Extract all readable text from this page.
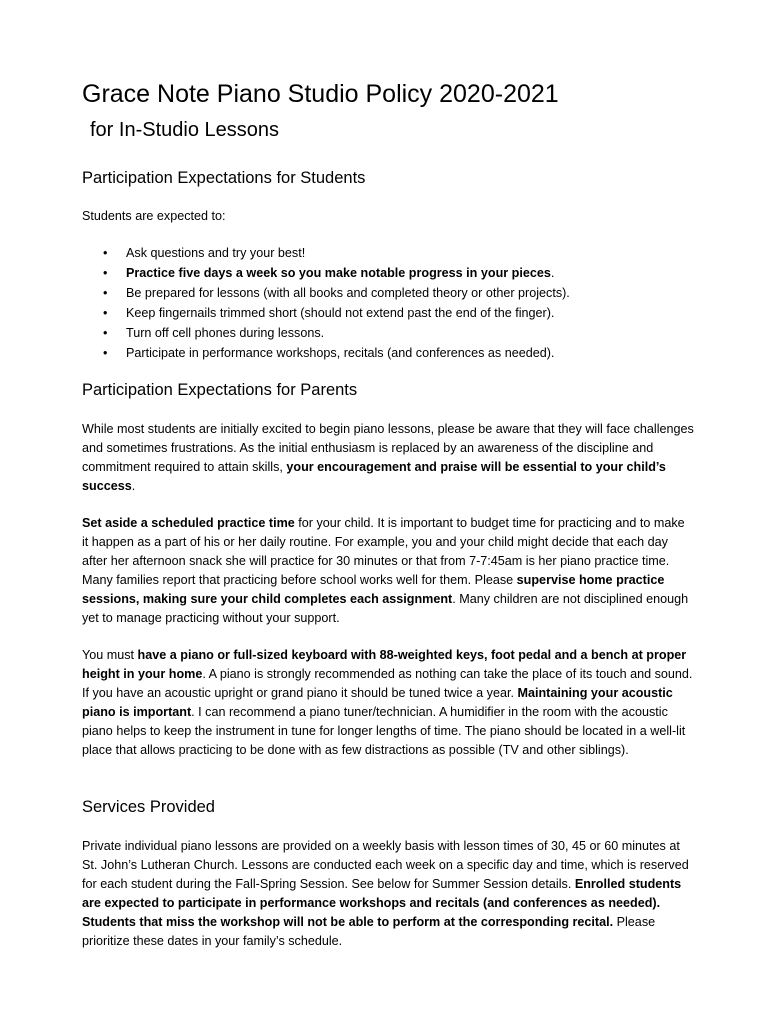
Grace Note Piano Studio Policy 2020-2021
for In-Studio Lessons
Participation Expectations for Students

Students are expected to:

• Ask questions and try your best!
• Practice five days a week so you make notable progress in your pieces.
• Be prepared for lessons (with all books and completed theory or other projects).
• Keep fingernails trimmed short (should not extend past the end of the finger).
• Turn off cell phones during lessons.
• Participate in performance workshops, recitals (and conferences as needed).
Participation Expectations for Parents

While most students are initially excited to begin piano lessons, please be aware that they will face challenges and sometimes frustrations. As the initial enthusiasm is replaced by an awareness of the discipline and commitment required to attain skills, your encouragement and praise will be essential to your child’s success.

Set aside a scheduled practice time for your child. It is important to budget time for practicing and to make it happen as a part of his or her daily routine. For example, you and your child might decide that each day after her afternoon snack she will practice for 30 minutes or that from 7-7:45am is her piano practice time. Many families report that practicing before school works well for them. Please supervise home practice sessions, making sure your child completes each assignment. Many children are not disciplined enough yet to manage practicing without your support.

You must have a piano or full-sized keyboard with 88-weighted keys, foot pedal and a bench at proper height in your home. A piano is strongly recommended as nothing can take the place of its touch and sound. If you have an acoustic upright or grand piano it should be tuned twice a year. Maintaining your acoustic piano is important. I can recommend a piano tuner/technician. A humidifier in the room with the acoustic piano helps to keep the instrument in tune for longer lengths of time. The piano should be located in a well-lit place that allows practicing to be done with as few distractions as possible (TV and other siblings).

Services Provided

Private individual piano lessons are provided on a weekly basis with lesson times of 30, 45 or 60 minutes at St. John’s Lutheran Church. Lessons are conducted each week on a specific day and time, which is reserved for each student during the Fall-Spring Session. See below for Summer Session details. Enrolled students are expected to participate in performance workshops and recitals (and conferences as needed). Students that miss the workshop will not be able to perform at the corresponding recital. Please prioritize these dates in your family’s schedule.
